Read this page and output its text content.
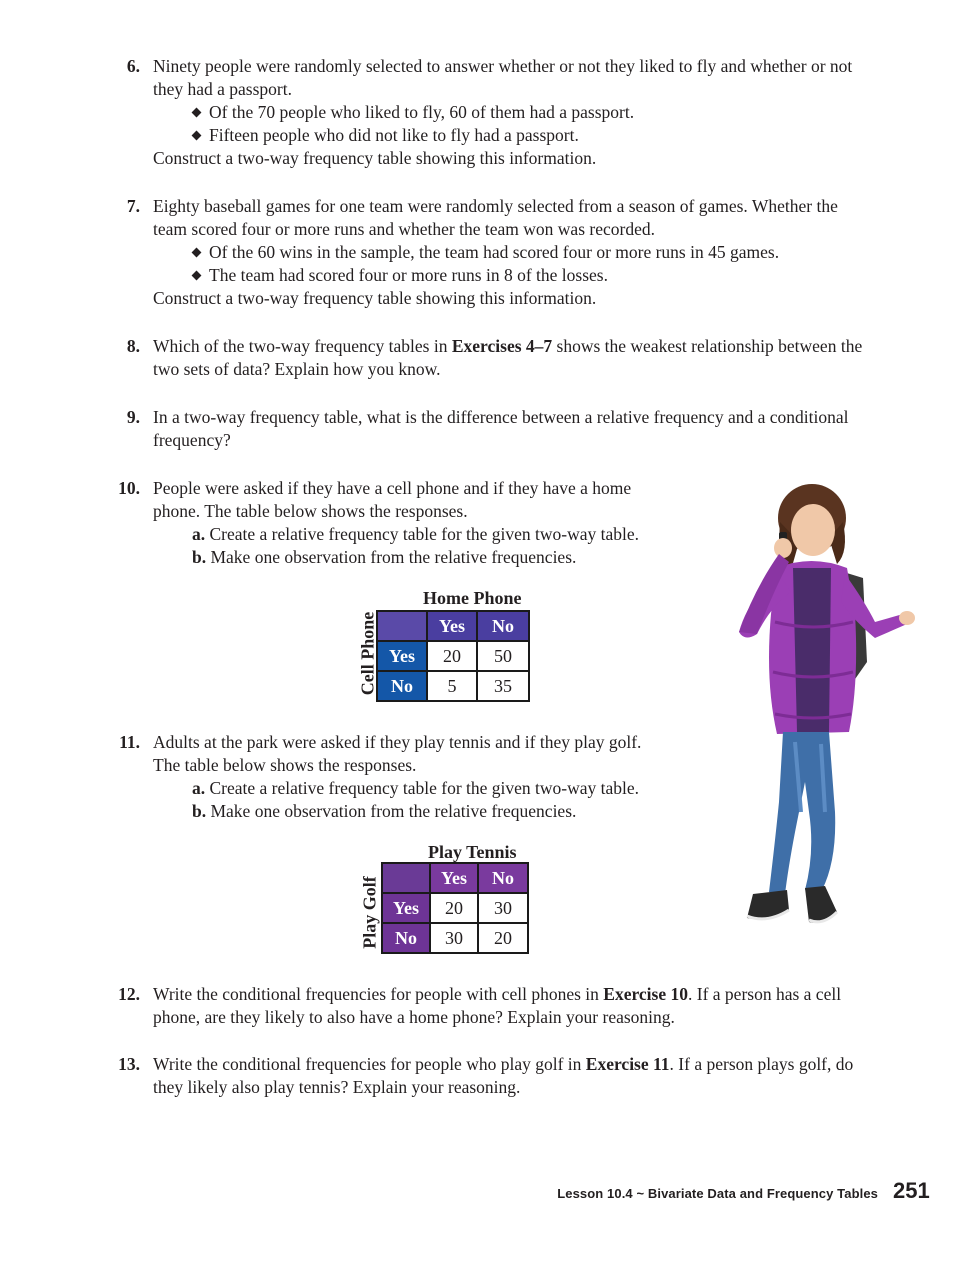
6. Ninety people were randomly selected to answer whether or not they liked to fly and whether or not
they had a passport.
Of the 70 people who liked to fly, 60 of them had a passport.
Fifteen people who did not like to fly had a passport.
Construct a two-way frequency table showing this information.
7. Eighty baseball games for one team were randomly selected from a season of games. Whether the
team scored four or more runs and whether the team won was recorded.
Of the 60 wins in the sample, the team had scored four or more runs in 45 games.
The team had scored four or more runs in 8 of the losses.
Construct a two-way frequency table showing this information.
8. Which of the two-way frequency tables in Exercises 4–7 shows the weakest relationship between the
two sets of data? Explain how you know.
9. In a two-way frequency table, what is the difference between a relative frequency and a conditional
frequency?
10. People were asked if they have a cell phone and if they have a home
phone. The table below shows the responses.
a. Create a relative frequency table for the given two-way table.
b. Make one observation from the relative frequencies.
Home Phone
Cell Phone
		Yes	No
Yes	20	50
No	5	35
11. Adults at the park were asked if they play tennis and if they play golf.
The table below shows the responses.
a. Create a relative frequency table for the given two-way table.
b. Make one observation from the relative frequencies.
Play Tennis
Play Golf
		Yes	No
Yes	20	30
No	30	20
12. Write the conditional frequencies for people with cell phones in Exercise 10. If a person has a cell
phone, are they likely to also have a home phone? Explain your reasoning.
13. Write the conditional frequencies for people who play golf in Exercise 11. If a person plays golf, do
they likely also play tennis? Explain your reasoning.
Lesson 10.4 ~ Bivariate Data and Frequency Tables 251
